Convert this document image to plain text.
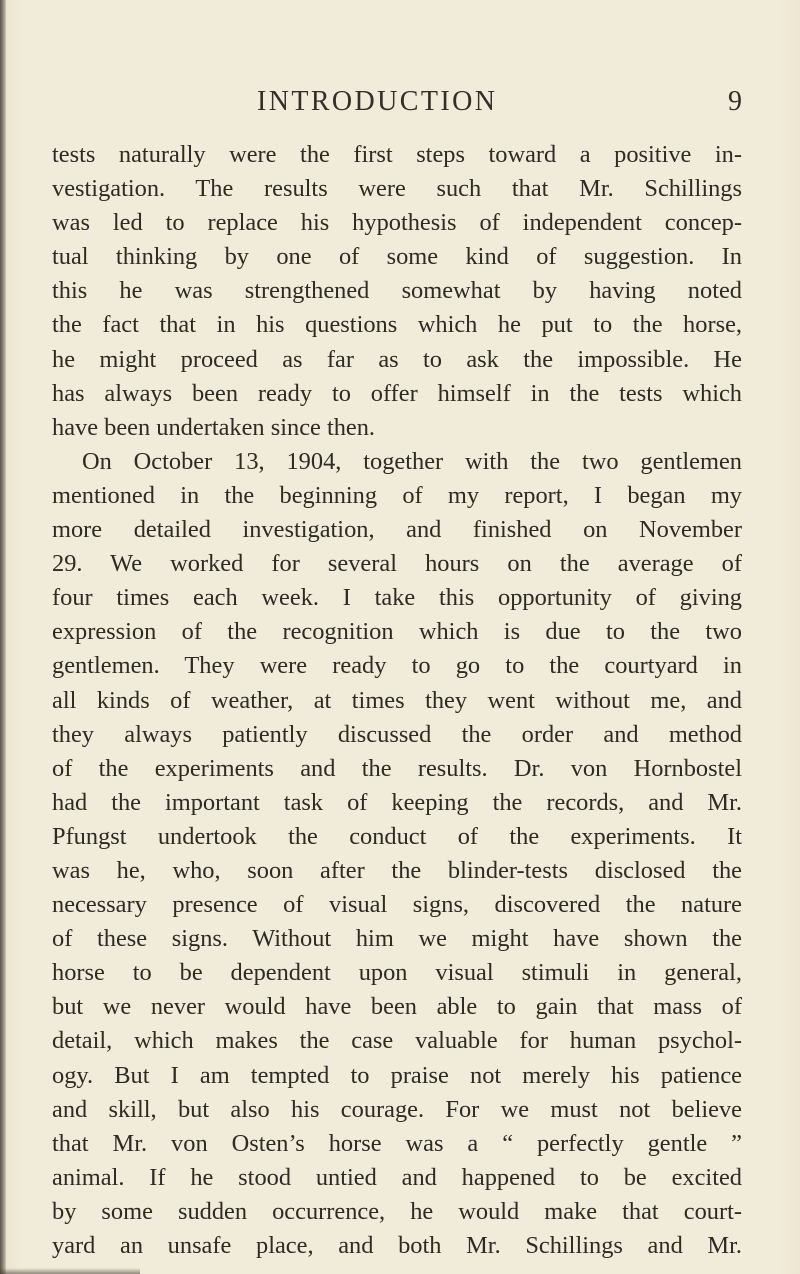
INTRODUCTION	9
tests naturally were the first steps toward a positive in-
vestigation. The results were such that Mr. Schillings
was led to replace his hypothesis of independent concep-
tual thinking by one of some kind of suggestion. In
this he was strengthened somewhat by having noted
the fact that in his questions which he put to the horse,
he might proceed as far as to ask the impossible. He
has always been ready to offer himself in the tests which
have been undertaken since then.
On October 13, 1904, together with the two gentlemen
mentioned in the beginning of my report, I began my
more detailed investigation, and finished on November
29. We worked for several hours on the average of
four times each week. I take this opportunity of giving
expression of the recognition which is due to the two
gentlemen. They were ready to go to the courtyard in
all kinds of weather, at times they went without me, and
they always patiently discussed the order and method
of the experiments and the results. Dr. von Hornbostel
had the important task of keeping the records, and Mr.
Pfungst undertook the conduct of the experiments. It
was he, who, soon after the blinder-tests disclosed the
necessary presence of visual signs, discovered the nature
of these signs. Without him we might have shown the
horse to be dependent upon visual stimuli in general,
but we never would have been able to gain that mass of
detail, which makes the case valuable for human psychol-
ogy. But I am tempted to praise not merely his patience
and skill, but also his courage. For we must not believe
that Mr. von Osten’s horse was a “ perfectly gentle ”
animal. If he stood untied and happened to be excited
by some sudden occurrence, he would make that court-
yard an unsafe place, and both Mr. Schillings and Mr.
